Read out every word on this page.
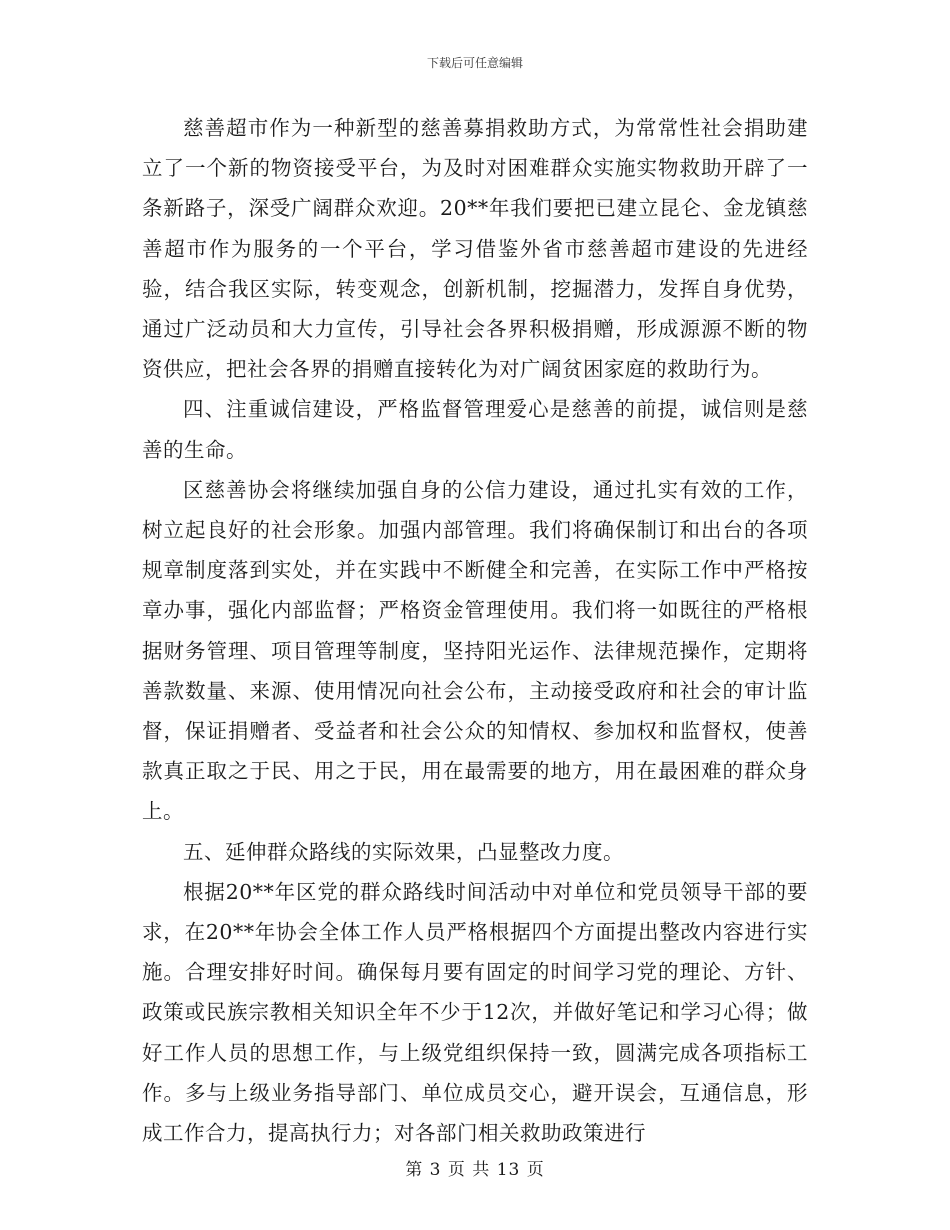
下载后可任意编辑

慈善超市作为一种新型的慈善募捐救助方式，为常常性社会捐助建立了一个新的物资接受平台，为及时对困难群众实施实物救助开辟了一条新路子，深受广阔群众欢迎。20**年我们要把已建立昆仑、金龙镇慈善超市作为服务的一个平台，学习借鉴外省市慈善超市建设的先进经验，结合我区实际，转变观念，创新机制，挖掘潜力，发挥自身优势，通过广泛动员和大力宣传，引导社会各界积极捐赠，形成源源不断的物资供应，把社会各界的捐赠直接转化为对广阔贫困家庭的救助行为。

四、注重诚信建设，严格监督管理爱心是慈善的前提，诚信则是慈善的生命。

区慈善协会将继续加强自身的公信力建设，通过扎实有效的工作，树立起良好的社会形象。加强内部管理。我们将确保制订和出台的各项规章制度落到实处，并在实践中不断健全和完善，在实际工作中严格按章办事，强化内部监督；严格资金管理使用。我们将一如既往的严格根据财务管理、项目管理等制度，坚持阳光运作、法律规范操作，定期将善款数量、来源、使用情况向社会公布，主动接受政府和社会的审计监督，保证捐赠者、受益者和社会公众的知情权、参加权和监督权，使善款真正取之于民、用之于民，用在最需要的地方，用在最困难的群众身上。

五、延伸群众路线的实际效果，凸显整改力度。

根据20**年区党的群众路线时间活动中对单位和党员领导干部的要求，在20**年协会全体工作人员严格根据四个方面提出整改内容进行实施。合理安排好时间。确保每月要有固定的时间学习党的理论、方针、政策或民族宗教相关知识全年不少于12次，并做好笔记和学习心得；做好工作人员的思想工作，与上级党组织保持一致，圆满完成各项指标工作。多与上级业务指导部门、单位成员交心，避开误会，互通信息，形成工作合力，提高执行力；对各部门相关救助政策进行

第 3 页 共 13 页
